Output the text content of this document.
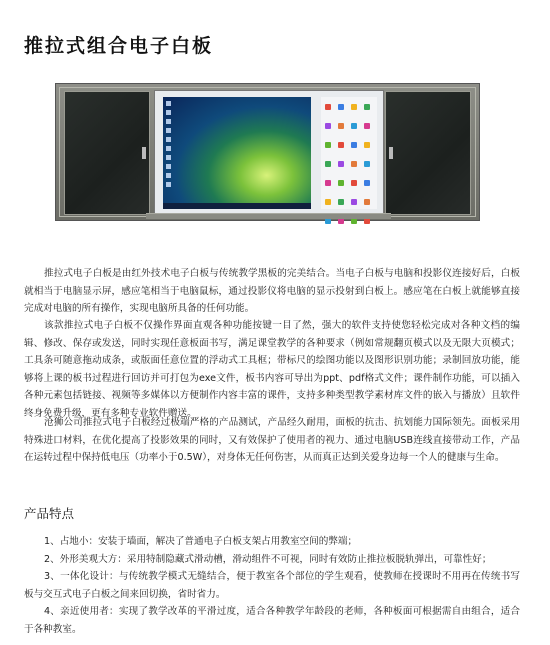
推拉式组合电子白板

推拉式电子白板是由红外技术电子白板与传统教学黑板的完美结合。当电子白板与电脑和投影仪连接好后，白板就相当于电脑显示屏，感应笔相当于电脑鼠标，通过投影仪将电脑的显示投射到白板上。感应笔在白板上就能够直接完成对电脑的所有操作，实现电脑所具备的任何功能。

该款推拉式电子白板不仅操作界面直观各种功能按键一目了然，强大的软件支持使您轻松完成对各种文档的编辑、修改、保存或发送，同时实现任意板面书写，满足课堂教学的各种要求（例如常规翻页模式以及无限大页模式；工具条可随意拖动成条，或版面任意位置的浮动式工具框；带标尺的绘图功能以及图形识别功能；录制回放功能，能够将上课的板书过程进行回访并可打包为exe文件，板书内容可导出为ppt、pdf格式文件；课件制作功能，可以插入各种元素包括链接、视频等多媒体以方便制作内容丰富的课件，支持多种类型教学素材库文件的嵌入与播放）且软件终身免费升级，更有多种专业软件赠送。

沧狮公司推拉式电子白板经过极端严格的产品测试，产品经久耐用，面板的抗击、抗划能力国际领先。面板采用特殊进口材料，在优化提高了投影效果的同时，又有效保护了使用者的视力、通过电脑USB连线直接带动工作，产品在运转过程中保持低电压（功率小于0.5W），对身体无任何伤害，从而真正达到关爱身边每一个人的健康与生命。

产品特点

1、占地小：安装于墙面，解决了普通电子白板支架占用教室空间的弊端；

2、外形美观大方：采用特制隐藏式滑动槽，滑动组件不可视，同时有效防止推拉板脱轨弹出，可靠性好；

3、一体化设计：与传统教学模式无缝结合，便于教室各个部位的学生观看，使教师在授课时不用再在传统书写板与交互式电子白板之间来回切换，省时省力。

4、亲近使用者：实现了教学改革的平滑过度，适合各种教学年龄段的老师，各种板面可根据需自由组合，适合于各种教室。
